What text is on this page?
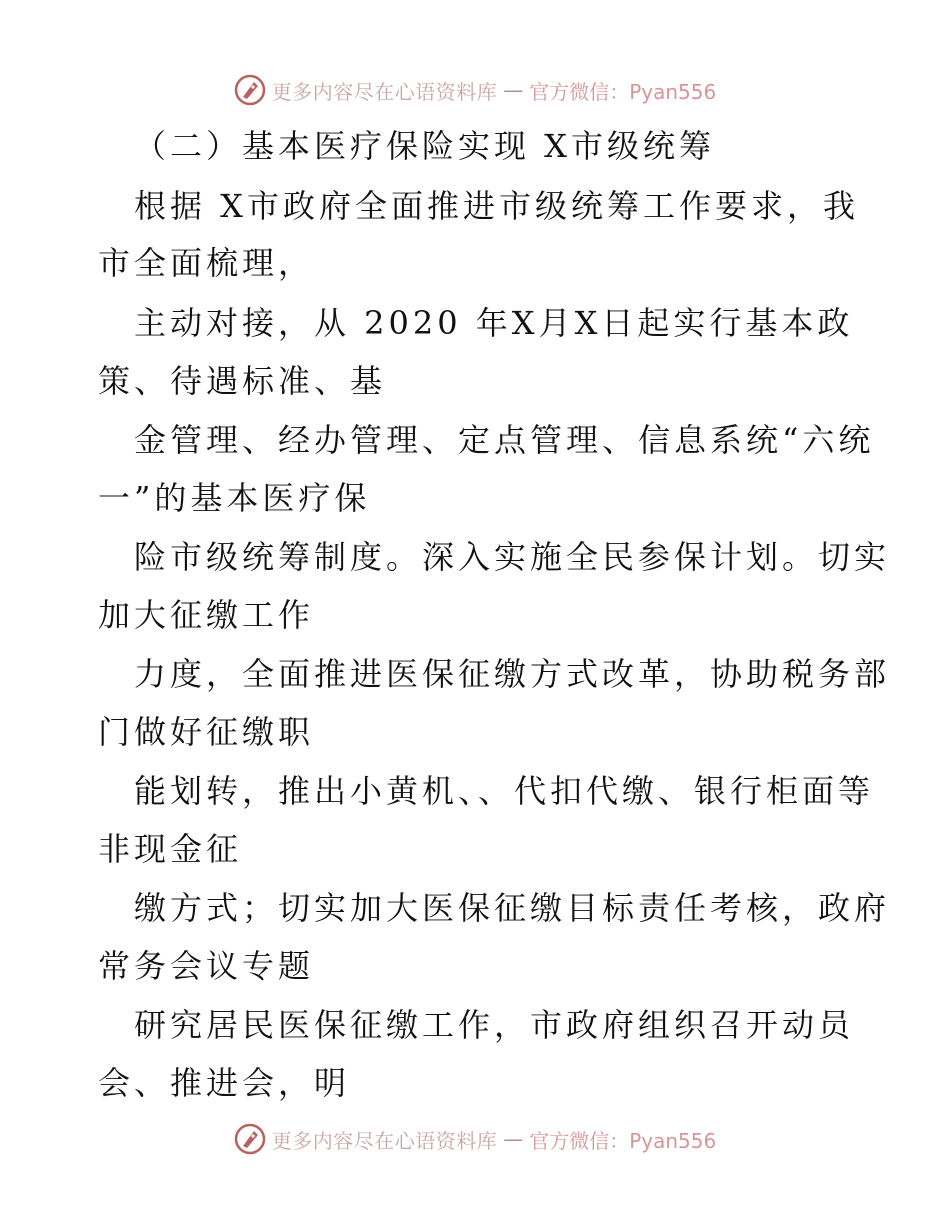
更多内容尽在心语资料库 — 官方微信：Pyan556
（二）基本医疗保险实现 X市级统筹
根据 X市政府全面推进市级统筹工作要求，我
市全面梳理，
主动对接，从 2020 年X月X日起实行基本政
策、待遇标准、基
金管理、经办管理、定点管理、信息系统“六统
一”的基本医疗保
险市级统筹制度。深入实施全民参保计划。切实
加大征缴工作
力度，全面推进医保征缴方式改革，协助税务部
门做好征缴职
能划转，推出小黄机、、代扣代缴、银行柜面等
非现金征
缴方式；切实加大医保征缴目标责任考核，政府
常务会议专题
研究居民医保征缴工作，市政府组织召开动员
会、推进会，明
更多内容尽在心语资料库 — 官方微信：Pyan556
